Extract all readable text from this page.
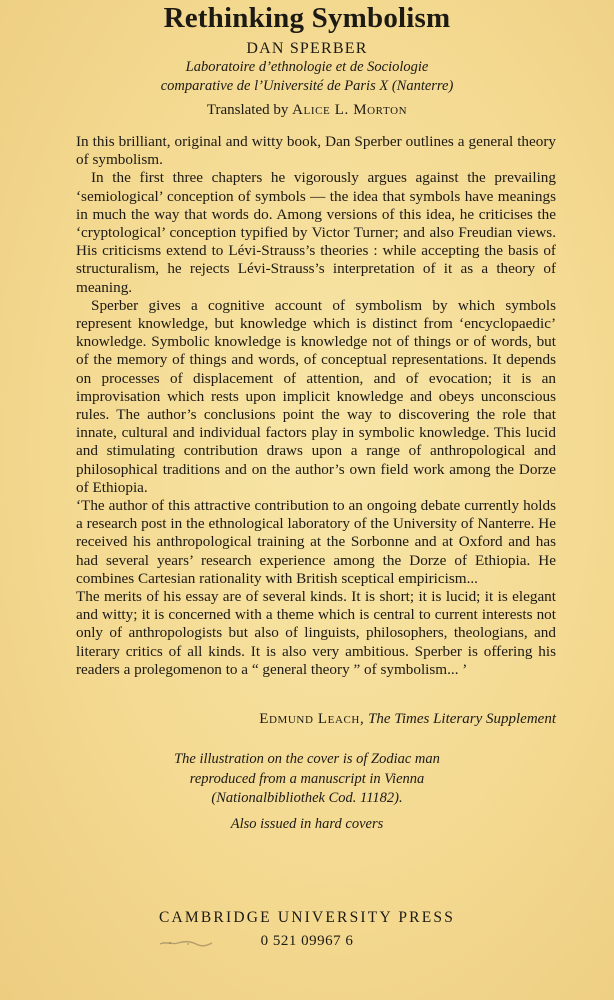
Rethinking Symbolism
DAN SPERBER
Laboratoire d’ethnologie et de Sociologie
comparative de l’Université de Paris X (Nanterre)
Translated by Alice L. Morton

In this brilliant, original and witty book, Dan Sperber outlines a general theory of symbolism.

In the first three chapters he vigorously argues against the prevailing ‘semiological’ conception of symbols — the idea that symbols have meanings in much the way that words do. Among versions of this idea, he criticises the ‘cryptological’ conception typified by Victor Turner; and also Freudian views. His criticisms extend to Lévi-Strauss’s theories : while accepting the basis of structuralism, he rejects Lévi-Strauss’s interpretation of it as a theory of meaning.

Sperber gives a cognitive account of symbolism by which symbols represent knowledge, but knowledge which is distinct from ‘encyclopaedic’ knowledge. Symbolic knowledge is knowledge not of things or of words, but of the memory of things and words, of conceptual representations. It depends on processes of displacement of attention, and of evocation; it is an improvisation which rests upon implicit knowledge and obeys unconscious rules. The author’s conclusions point the way to discovering the role that innate, cultural and individual factors play in symbolic knowledge. This lucid and stimulating contribution draws upon a range of anthropological and philosophical traditions and on the author’s own field work among the Dorze of Ethiopia.

‘The author of this attractive contribution to an ongoing debate currently holds a research post in the ethnological laboratory of the University of Nanterre. He received his anthropological training at the Sorbonne and at Oxford and has had several years’ research experience among the Dorze of Ethiopia. He combines Cartesian rationality with British sceptical empiricism...

The merits of his essay are of several kinds. It is short; it is lucid; it is elegant and witty; it is concerned with a theme which is central to current interests not only of anthropologists but also of linguists, philosophers, theologians, and literary critics of all kinds. It is also very ambitious. Sperber is offering his readers a prolegomenon to a “ general theory ” of symbolism... ’

Edmund Leach, The Times Literary Supplement
The illustration on the cover is of Zodiac man
reproduced from a manuscript in Vienna
(Nationalbibliothek Cod. 11182).
Also issued in hard covers
CAMBRIDGE UNIVERSITY PRESS
0 521 09967 6
